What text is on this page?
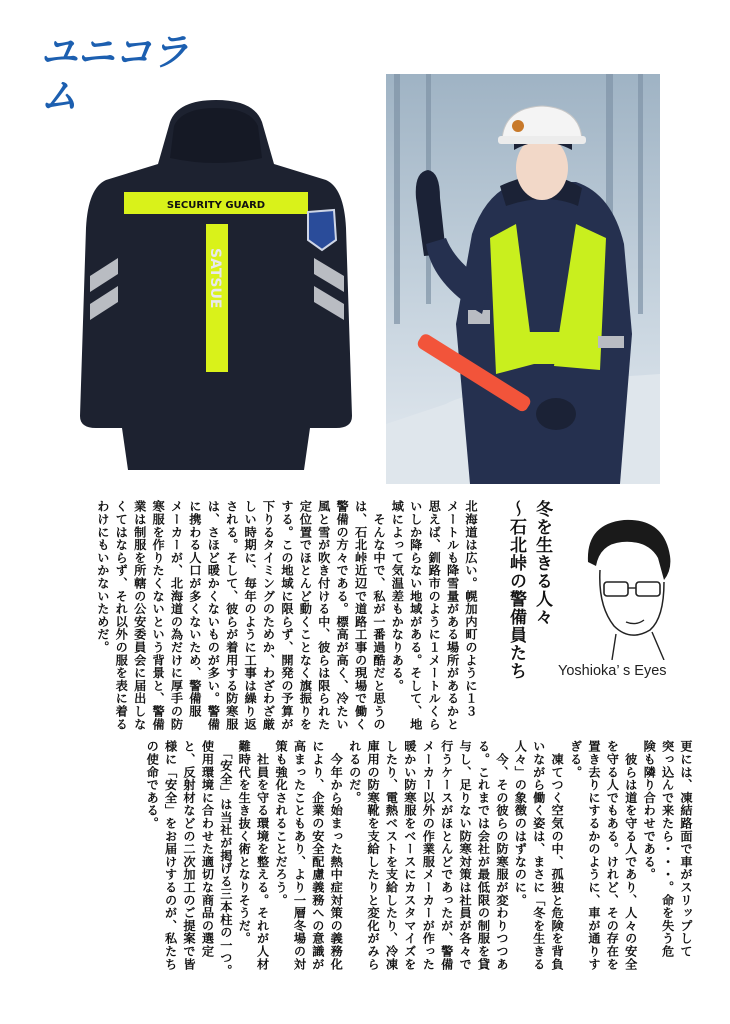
ユニコラム
SECURITY GUARD
SATSUE
冬を生きる人々
〜石北峠の警備員たち	Yoshioka’ s Eyes
北海道は広い。幌加内町のように１３
メートルも降雪量がある場所があるかと
思えば、釧路市のように１メートルくら
いしか降らない地域がある。そして、地
域によって気温差もかなりある。
　そんな中で、私が一番過酷だと思うの
は、石北峠近辺で道路工事の現場で働く
警備の方々である。標高が高く、冷たい
風と雪が吹き付ける中、彼らは限られた
定位置でほとんど動くことなく旗振りを
する。この地域に限らず、開発の予算が
下りるタイミングのためか、わざわざ厳
しい時期に、毎年のように工事は繰り返
される。そして、彼らが着用する防寒服
は、さほど暖かくないものが多い。警備
に携わる人口が多くないため、警備服
メーカーが、北海道の為だけに厚手の防
寒服を作りたくないという背景と、警備
業は制服を所轄の公安委員会に届出しな
くてはならず、それ以外の服を表に着る
わけにもいかないためだ。
更には、凍結路面で車がスリップして
突っ込んで来たら・・・。命を失う危
険も隣り合わせである。
　彼らは道を守る人であり、人々の安全
を守る人でもある。けれど、その存在を
置き去りにするかのように、車が通りす
ぎる。
　凍てつく空気の中、孤独と危険を背負
いながら働く姿は、まさに「冬を生きる
人々」の象徴のはずなのに。
　今、その彼らの防寒服が変わりつつあ
る。これまでは会社が最低限の制服を貸
与し、足りない防寒対策は社員が各々で
行うケースがほとんどであったが、警備
メーカー以外の作業服メーカーが作った
暖かい防寒服をベースにカスタマイズを
したり、電熱ベストを支給したり、冷凍
庫用の防寒靴を支給したりと変化がみら
れるのだ。
　今年から始まった熱中症対策の義務化
により、企業の安全配慮義務への意識が
高まったこともあり、より一層冬場の対
策も強化されることだろう。
　社員を守る環境を整える。それが人材
難時代を生き抜く術となりそうだ。
　「安全」は当社が掲げる三本柱の一つ。
使用環境に合わせた適切な商品の選定
と、反射材などの二次加工のご提案で皆
様に「安全」をお届けするのが、私たち
の使命である。
